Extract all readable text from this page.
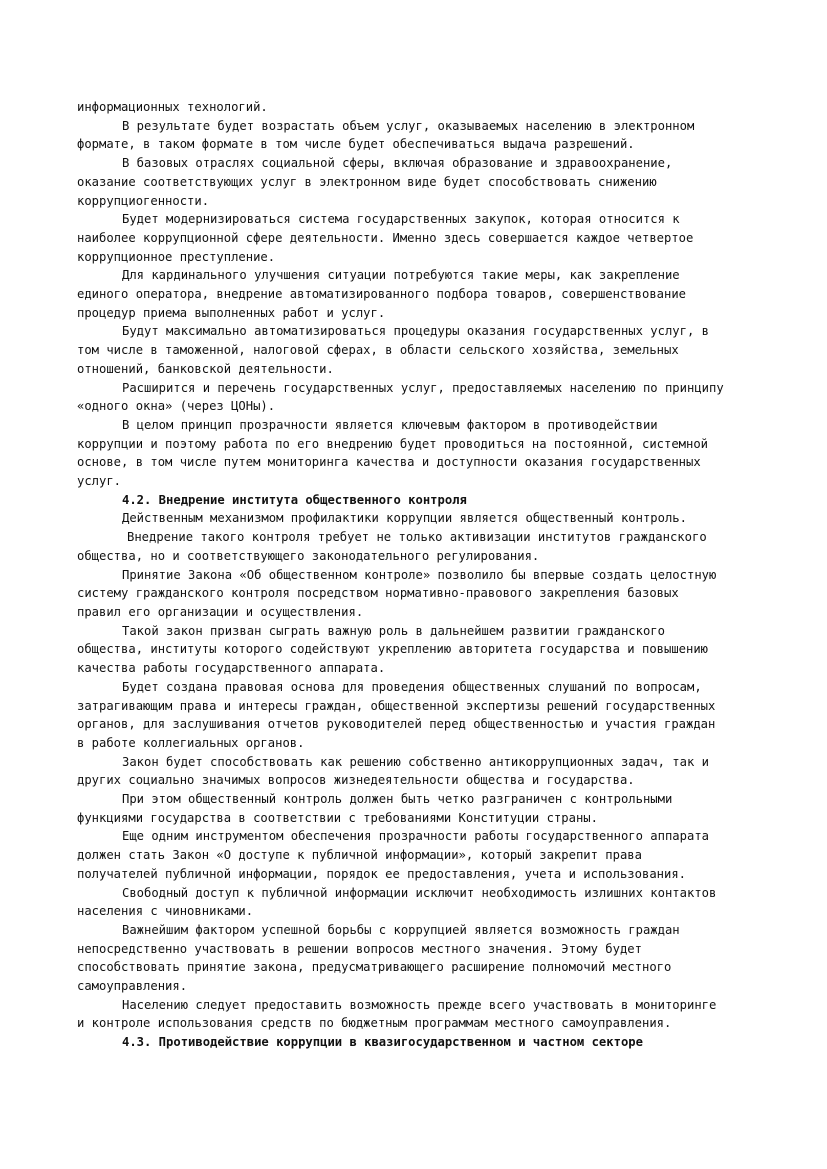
информационных технологий.

В результате будет возрастать объем услуг, оказываемых населению в электронном
формате, в таком формате в том числе будет обеспечиваться выдача разрешений.

В базовых отраслях социальной сферы, включая образование и здравоохранение,
оказание соответствующих услуг в электронном виде будет способствовать снижению
коррупциогенности.

Будет модернизироваться система государственных закупок, которая относится к
наиболее коррупционной сфере деятельности. Именно здесь совершается каждое четвертое
коррупционное преступление.

Для кардинального улучшения ситуации потребуются такие меры, как закрепление
единого оператора, внедрение автоматизированного подбора товаров, совершенствование
процедур приема выполненных работ и услуг.

Будут максимально автоматизироваться процедуры оказания государственных услуг, в
том числе в таможенной, налоговой сферах, в области сельского хозяйства, земельных
отношений, банковской деятельности.

Расширится и перечень государственных услуг, предоставляемых населению по принципу
«одного окна» (через ЦОНы).

В целом принцип прозрачности является ключевым фактором в противодействии
коррупции и поэтому работа по его внедрению будет проводиться на постоянной, системной
основе, в том числе путем мониторинга качества и доступности оказания государственных
услуг.

4.2. Внедрение института общественного контроля

Действенным механизмом профилактики коррупции является общественный контроль.

Внедрение такого контроля требует не только активизации институтов гражданского
общества, но и соответствующего законодательного регулирования.

Принятие Закона «Об общественном контроле» позволило бы впервые создать целостную
систему гражданского контроля посредством нормативно-правового закрепления базовых
правил его организации и осуществления.

Такой закон призван сыграть важную роль в дальнейшем развитии гражданского
общества, институты которого содействуют укреплению авторитета государства и повышению
качества работы государственного аппарата.

Будет создана правовая основа для проведения общественных слушаний по вопросам,
затрагивающим права и интересы граждан, общественной экспертизы решений государственных
органов, для заслушивания отчетов руководителей перед общественностью и участия граждан
в работе коллегиальных органов.

Закон будет способствовать как решению собственно антикоррупционных задач, так и
других социально значимых вопросов жизнедеятельности общества и государства.

При этом общественный контроль должен быть четко разграничен с контрольными
функциями государства в соответствии с требованиями Конституции страны.

Еще одним инструментом обеспечения прозрачности работы государственного аппарата
должен стать Закон «О доступе к публичной информации», который закрепит права
получателей публичной информации, порядок ее предоставления, учета и использования.

Свободный доступ к публичной информации исключит необходимость излишних контактов
населения с чиновниками.

Важнейшим фактором успешной борьбы с коррупцией является возможность граждан
непосредственно участвовать в решении вопросов местного значения. Этому будет
способствовать принятие закона, предусматривающего расширение полномочий местного
самоуправления.

Населению следует предоставить возможность прежде всего участвовать в мониторинге
и контроле использования средств по бюджетным программам местного самоуправления.

4.3. Противодействие коррупции в квазигосударственном и частном секторе
